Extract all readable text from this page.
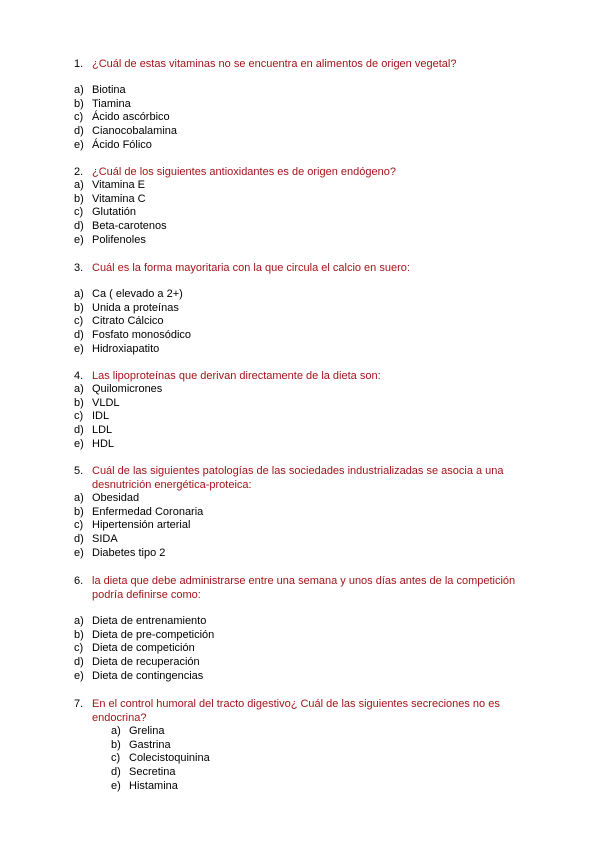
1. ¿Cuál de estas vitaminas no se encuentra en alimentos de origen vegetal?
a) Biotina
b) Tiamina
c) Ácido ascórbico
d) Cianocobalamina
e) Ácido Fólico
2. ¿Cuál de los siguientes antioxidantes es de origen endógeno?
a) Vitamina E
b) Vitamina C
c) Glutatión
d) Beta-carotenos
e) Polifenoles
3. Cuál es la forma mayoritaria con la que circula el calcio en suero:
a) Ca ( elevado a 2+)
b) Unida a proteínas
c) Citrato Cálcico
d) Fosfato monosódico
e) Hidroxiapatito
4. Las lipoproteínas que derivan directamente de la dieta son:
a) Quilomicrones
b) VLDL
c) IDL
d) LDL
e) HDL
5. Cuál de las siguientes patologías de las sociedades industrializadas se asocia a una desnutrición energética-proteica:
a) Obesidad
b) Enfermedad Coronaria
c) Hipertensión arterial
d) SIDA
e) Diabetes tipo 2
6. la dieta que debe administrarse entre una semana y unos días antes de la competición podría definirse como:
a) Dieta de entrenamiento
b) Dieta de pre-competición
c) Dieta de competición
d) Dieta de recuperación
e) Dieta de contingencias
7. En el control humoral del tracto digestivo¿ Cuál de las siguientes secreciones no es endocrina?
a) Grelina
b) Gastrina
c) Colecistoquinina
d) Secretina
e) Histamina
